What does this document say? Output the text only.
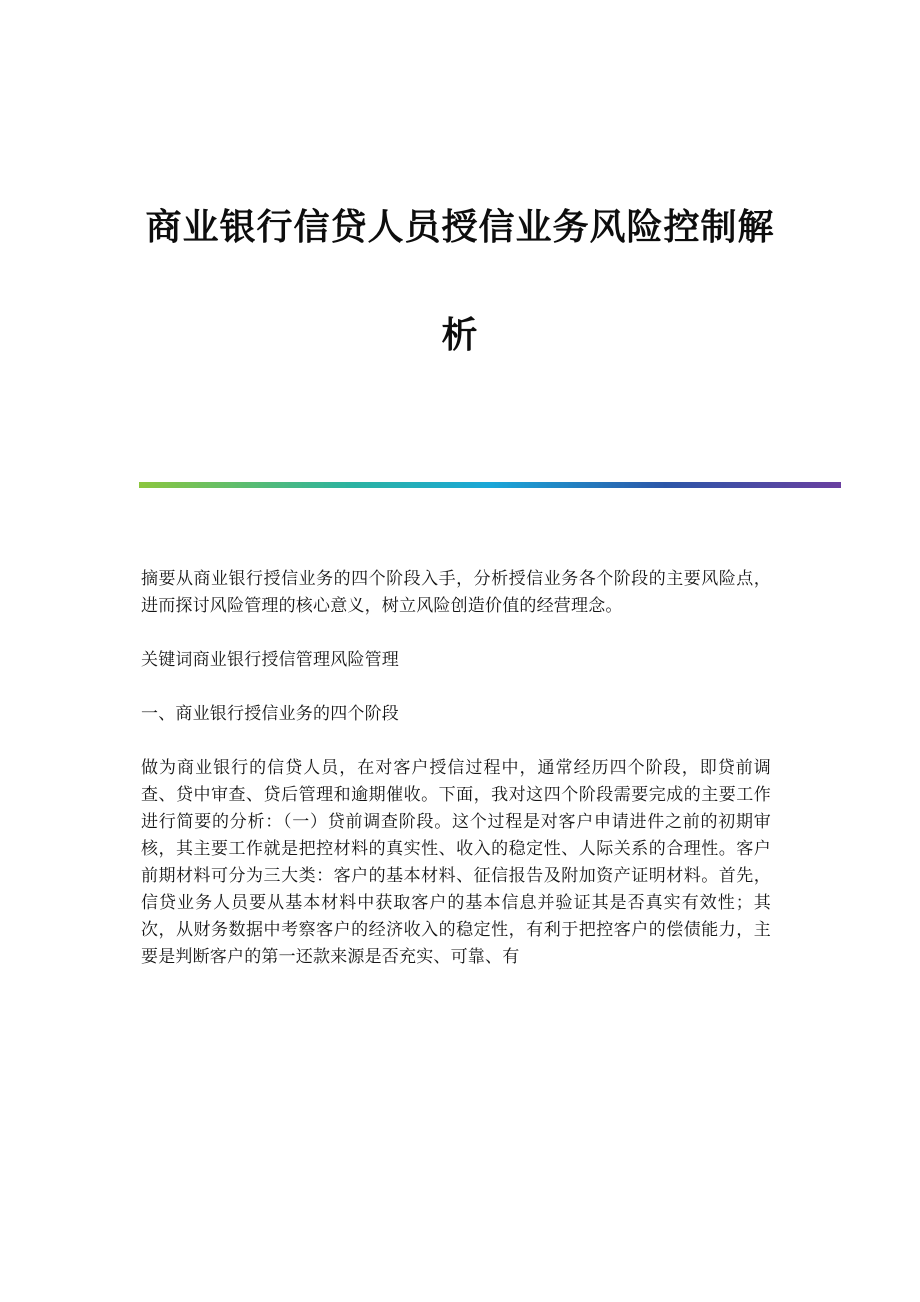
商业银行信贷人员授信业务风险控制解
析

摘要从商业银行授信业务的四个阶段入手，分析授信业务各个阶段的主要风险点，进而探讨风险管理的核心意义，树立风险创造价值的经营理念。

关键词商业银行授信管理风险管理

一、商业银行授信业务的四个阶段

做为商业银行的信贷人员，在对客户授信过程中，通常经历四个阶段，即贷前调查、贷中审查、贷后管理和逾期催收。下面，我对这四个阶段需要完成的主要工作进行简要的分析：（一）贷前调查阶段。这个过程是对客户申请进件之前的初期审核，其主要工作就是把控材料的真实性、收入的稳定性、人际关系的合理性。客户前期材料可分为三大类：客户的基本材料、征信报告及附加资产证明材料。首先，信贷业务人员要从基本材料中获取客户的基本信息并验证其是否真实有效性；其次，从财务数据中考察客户的经济收入的稳定性，有利于把控客户的偿债能力，主要是判断客户的第一还款来源是否充实、可靠、有
